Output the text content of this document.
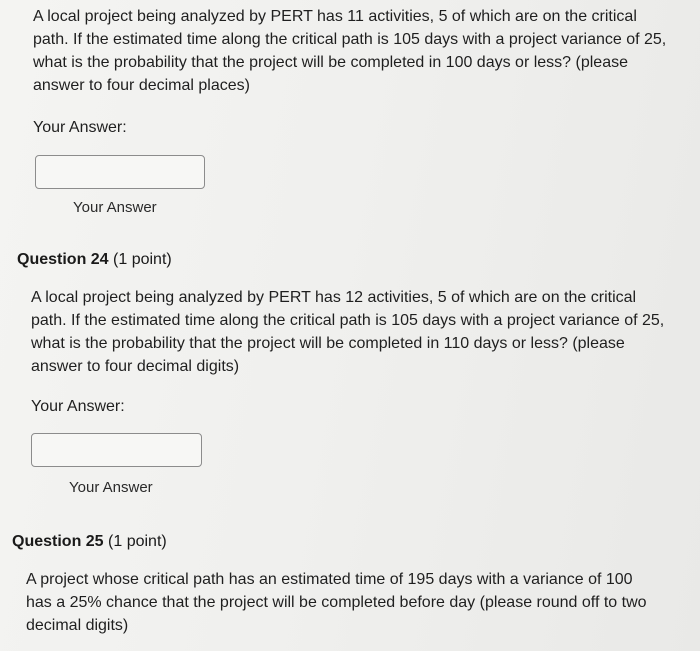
A local project being analyzed by PERT has 11 activities, 5 of which are on the critical path. If the estimated time along the critical path is 105 days with a project variance of 25, what is the probability that the project will be completed in 100 days or less? (please answer to four decimal places)

Your Answer:

Your Answer

Question 24 (1 point)

A local project being analyzed by PERT has 12 activities, 5 of which are on the critical path. If the estimated time along the critical path is 105 days with a project variance of 25, what is the probability that the project will be completed in 110 days or less? (please answer to four decimal digits)

Your Answer:

Your Answer

Question 25 (1 point)

A project whose critical path has an estimated time of 195 days with a variance of 100 has a 25% chance that the project will be completed before day (please round off to two decimal digits)
